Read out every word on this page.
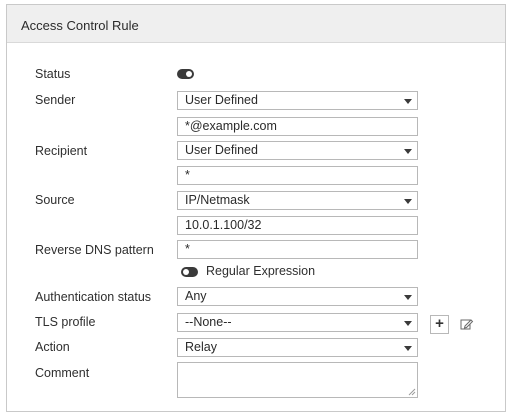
Access Control Rule
Status
Sender	User Defined
*@example.com
Recipient	User Defined
*
Source	IP/Netmask
10.0.1.100/32
Reverse DNS pattern	*
Regular Expression
Authentication status	Any
TLS profile	--None--	+
Action	Relay
Comment
